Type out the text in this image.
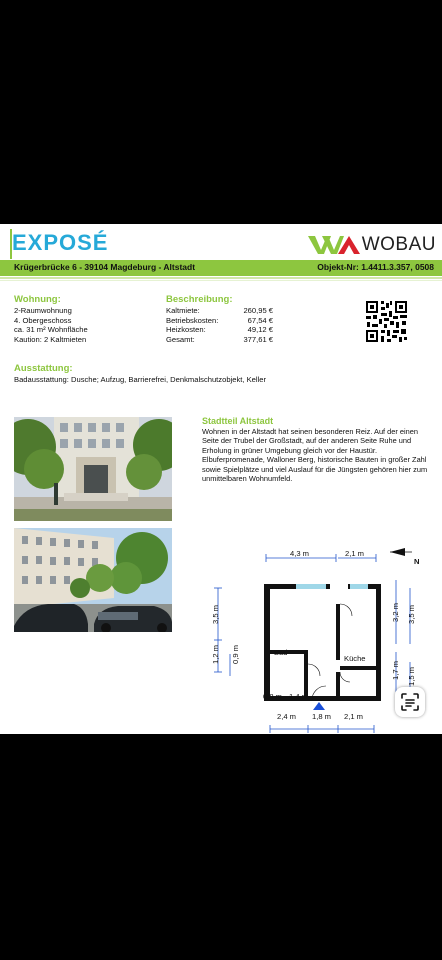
EXPOSÉ	WOBAU
Krügerbrücke 6 - 39104 Magdeburg - Altstadt	Objekt-Nr: 1.4411.3.357, 0508
Wohnung:
2-Raumwohnung
4. Obergeschoss
ca. 31 m² Wohnfläche
Kaution: 2 Kaltmieten
Beschreibung:
Kaltmiete:	260,95 €
Betriebskosten:	67,54 €
Heizkosten:	49,12 €
Gesamt:	377,61 €
Ausstattung:
Badausstattung: Dusche; Aufzug, Barrierefrei, Denkmalschutzobjekt, Keller
Stadtteil Altstadt
Wohnen in der Altstadt hat seinen besonderen Reiz. Auf der einen Seite der Trubel der Großstadt, auf der anderen Seite Ruhe und Erholung in grüner Umgebung gleich vor der Haustür. Elbuferpromenade, Walloner Berg, historische Bauten in großer Zahl sowie Spielplätze und viel Auslauf für die Jüngsten gehören hier zum unmittelbaren Wohnumfeld.
4,3 m	2,1 m
N
3,5 m
1,2 m 0,9 m
3,2 m 3,5 m
1,7 m 1,5 m
Bad
Küche
0,8 m 1,4 m
2,4 m 1,8 m 2,1 m
